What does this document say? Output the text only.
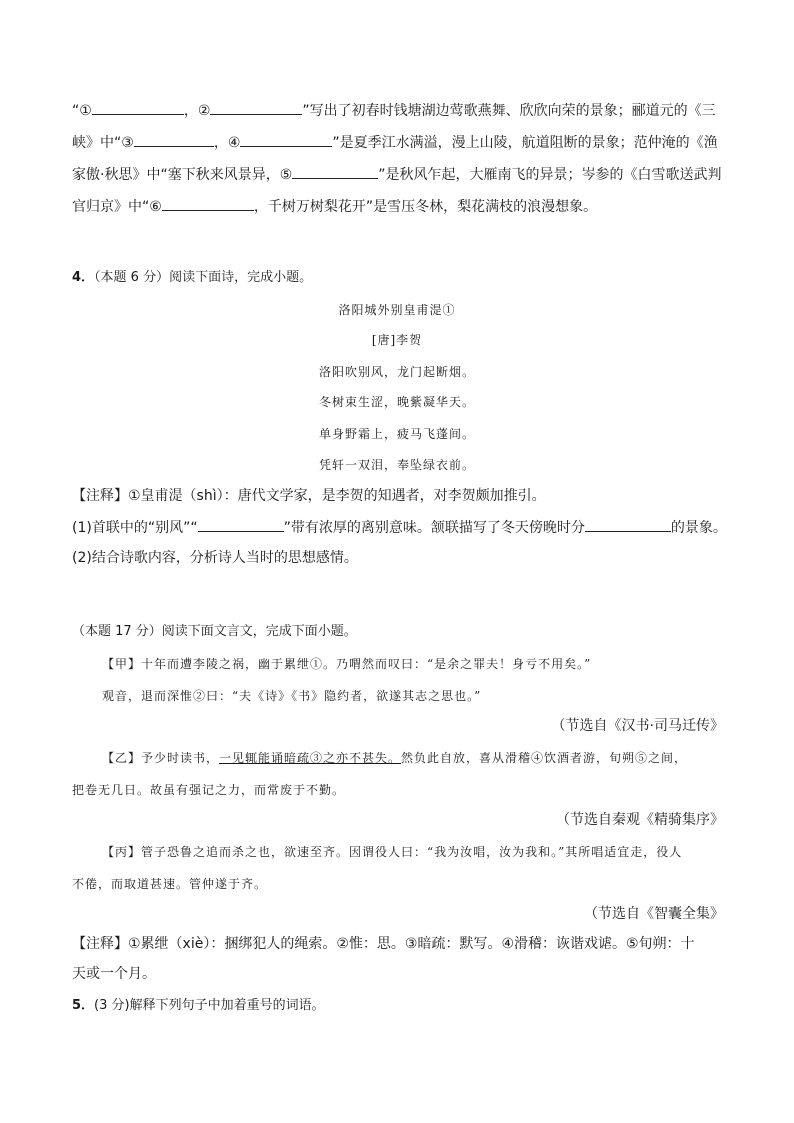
“①	，②	”写出了初春时钱塘湖边莺歌燕舞、欣欣向荣的景象；郦道元的《三
峡》中“③	，④	”是夏季江水满溢，漫上山陵，航道阻断的景象；范仲淹的《渔
家傲·秋思》中“塞下秋来风景异，⑤	”是秋风乍起，大雁南飞的异景；岑参的《白雪歌送武判
官归京》中“⑥	，千树万树梨花开”是雪压冬林，梨花满枝的浪漫想象。
4．（本题 6 分）阅读下面诗，完成小题。
洛阳城外别皇甫湜①
[唐]李贺
洛阳吹别风，龙门起断烟。
冬树束生涩，晚紫凝华天。
单身野霜上，疲马飞蓬间。
凭轩一双泪，奉坠绿衣前。
【注释】①皇甫湜（shì）：唐代文学家，是李贺的知遇者，对李贺颇加推引。
(1)首联中的“别风”“	”带有浓厚的离别意味。颔联描写了冬天傍晚时分	的景象。
(2)结合诗歌内容，分析诗人当时的思想感情。
（本题 17 分）阅读下面文言文，完成下面小题。
【甲】十年而遭李陵之祸，幽于累绁①。乃喟然而叹曰：“是余之罪夫！身亏不用矣。”
观音，退而深惟②曰：“夫《诗》《书》隐约者，欲遂其志之思也。”
（节选自《汉书·司马迁传》
【乙】予少时读书，一见辄能诵暗疏③之亦不甚失。然负此自放，喜从滑稽④饮酒者游，旬朔⑤之间，
把卷无几日。故虽有强记之力，而常废于不勤。
（节选自秦观《精骑集序》
【丙】管子恐鲁之追而杀之也，欲速至齐。因谓役人曰：“我为汝唱，汝为我和。”其所唱适宜走，役人
不倦，而取道甚速。管仲遂于齐。
（节选自《智囊全集》
【注释】①累绁（xiè）：捆绑犯人的绳索。②惟：思。③暗疏：默写。④滑稽：诙谐戏谑。⑤旬朔：十
天或一个月。
5．(3 分)解释下列句子中加着重号的词语。
